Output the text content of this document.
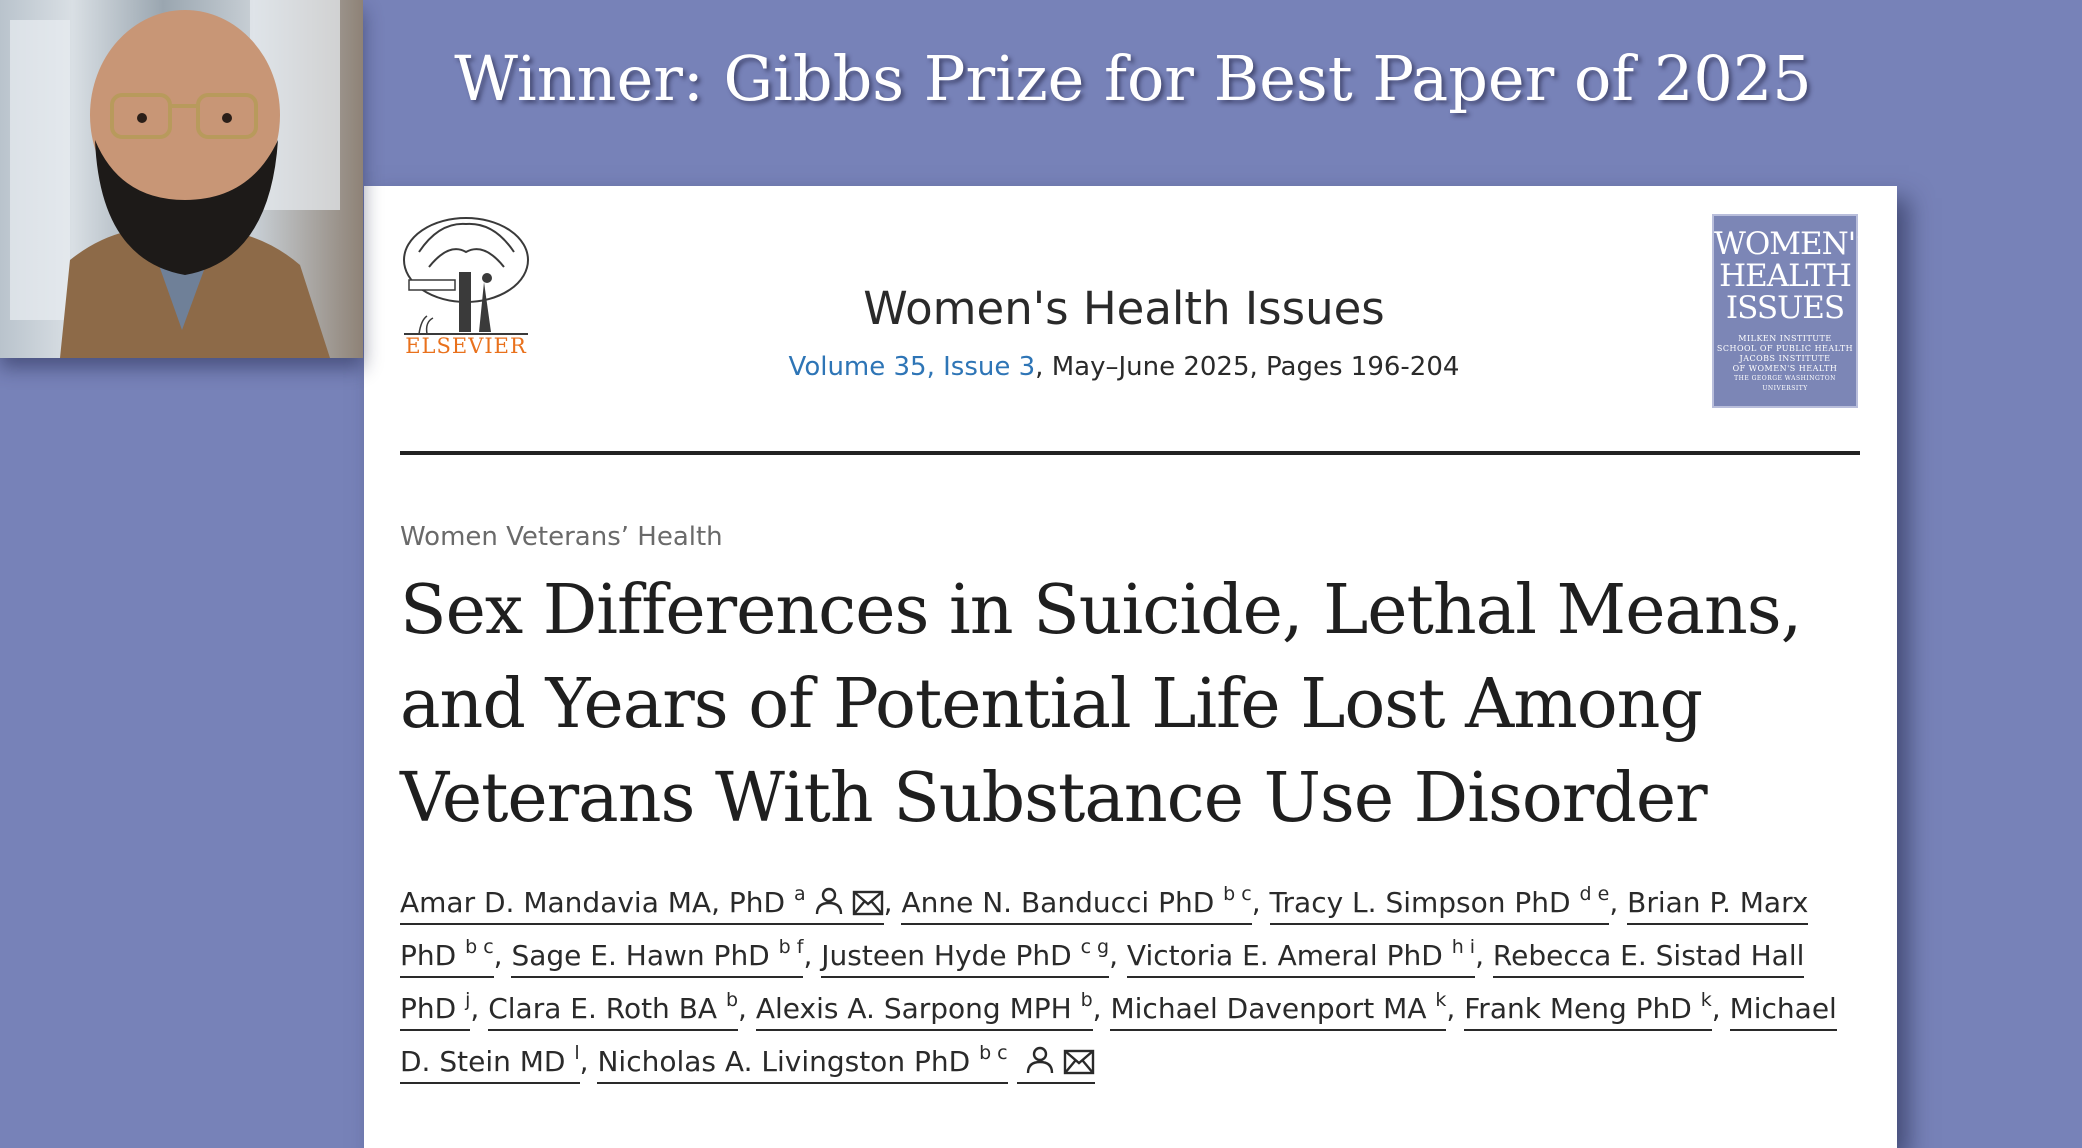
Winner: Gibbs Prize for Best Paper of 2025
ELSEVIER
Women's Health Issues
Volume 35, Issue 3, May–June 2025, Pages 196-204
WOMEN'S
HEALTH
ISSUES
MILKEN INSTITUTE
SCHOOL OF PUBLIC HEALTH
JACOBS INSTITUTE
OF WOMEN'S HEALTH
THE GEORGE WASHINGTON UNIVERSITY
Women Veterans’ Health
Sex Differences in Suicide, Lethal Means,
and Years of Potential Life Lost Among
Veterans With Substance Use Disorder
Amar D. Mandavia MA, PhD $^a$	, Anne N. Banducci PhD $^{b c}$, Tracy L. Simpson PhD $^{d e}$, Brian P. Marx PhD $^{b c}$, Sage E. Hawn PhD $^{b f}$, Justeen Hyde PhD $^{c g}$, Victoria E. Ameral PhD $^{h i}$, Rebecca E. Sistad Hall PhD $^j$, Clara E. Roth BA $^b$, Alexis A. Sarpong MPH $^b$, Michael Davenport MA $^k$, Frank Meng PhD $^k$, Michael D. Stein MD $^l$, Nicholas A. Livingston PhD $^{b c}$
